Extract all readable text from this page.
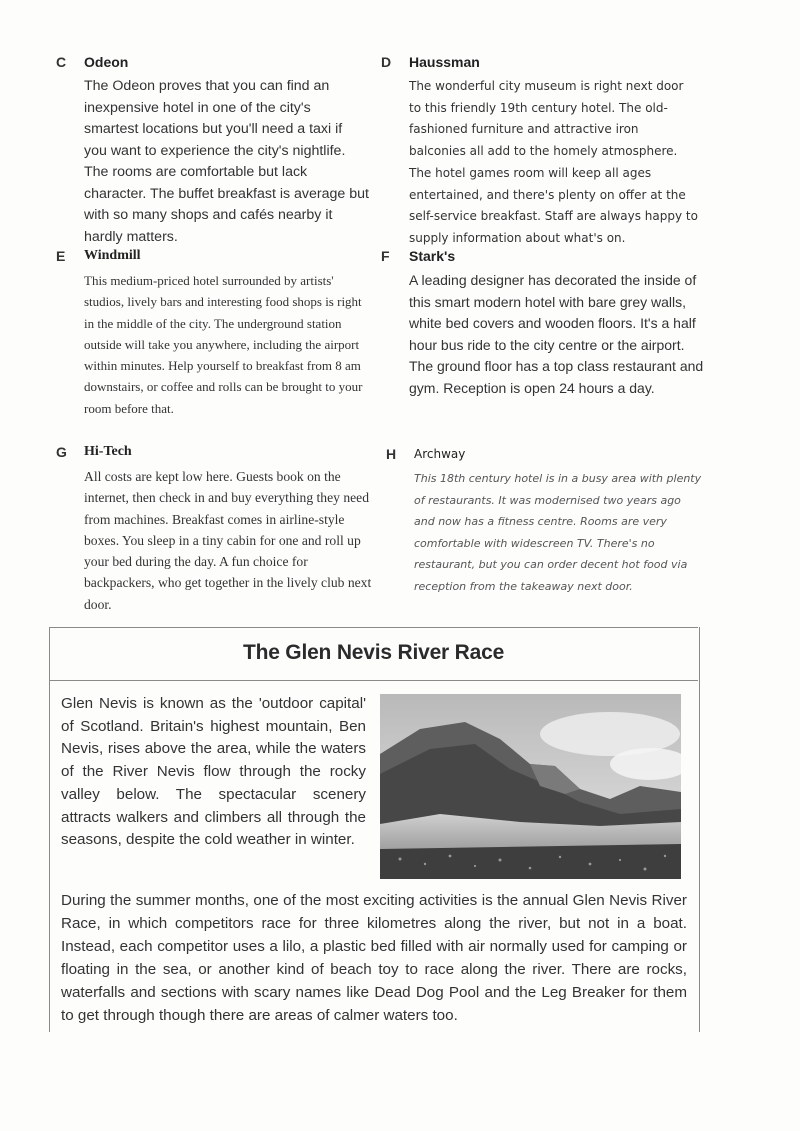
C Odeon
The Odeon proves that you can find an inexpensive hotel in one of the city's smartest locations but you'll need a taxi if you want to experience the city's nightlife. The rooms are comfortable but lack character. The buffet breakfast is average but with so many shops and cafés nearby it hardly matters.
D Haussman
The wonderful city museum is right next door to this friendly 19th century hotel. The old-fashioned furniture and attractive iron balconies all add to the homely atmosphere. The hotel games room will keep all ages entertained, and there's plenty on offer at the self-service breakfast. Staff are always happy to supply information about what's on.
E Windmill
This medium-priced hotel surrounded by artists' studios, lively bars and interesting food shops is right in the middle of the city. The underground station outside will take you anywhere, including the airport within minutes. Help yourself to breakfast from 8 am downstairs, or coffee and rolls can be brought to your room before that.
F Stark's
A leading designer has decorated the inside of this smart modern hotel with bare grey walls, white bed covers and wooden floors. It's a half hour bus ride to the city centre or the airport. The ground floor has a top class restaurant and gym. Reception is open 24 hours a day.
G Hi-Tech
All costs are kept low here. Guests book on the internet, then check in and buy everything they need from machines. Breakfast comes in airline-style boxes. You sleep in a tiny cabin for one and roll up your bed during the day. A fun choice for backpackers, who get together in the lively club next door.
H Archway
This 18th century hotel is in a busy area with plenty of restaurants. It was modernised two years ago and now has a fitness centre. Rooms are very comfortable with widescreen TV. There's no restaurant, but you can order decent hot food via reception from the takeaway next door.
The Glen Nevis River Race
Glen Nevis is known as the 'outdoor capital' of Scotland. Britain's highest mountain, Ben Nevis, rises above the area, while the waters of the River Nevis flow through the rocky valley below. The spectacular scenery attracts walkers and climbers all through the seasons, despite the cold weather in winter.
During the summer months, one of the most exciting activities is the annual Glen Nevis River Race, in which competitors race for three kilometres along the river, but not in a boat. Instead, each competitor uses a lilo, a plastic bed filled with air normally used for camping or floating in the sea, or another kind of beach toy to race along the river. There are rocks, waterfalls and sections with scary names like Dead Dog Pool and the Leg Breaker for them to get through though there are areas of calmer waters too.
